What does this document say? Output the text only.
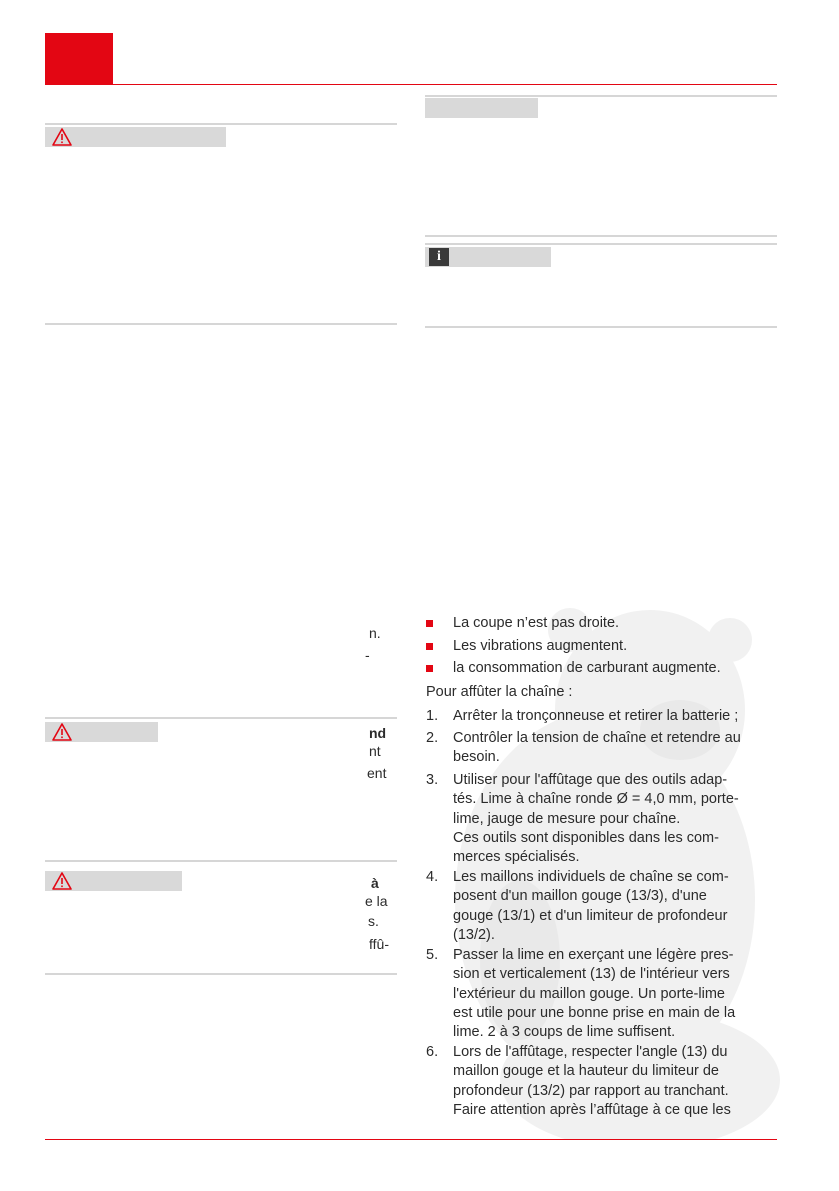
n.
-
nd
nt
ent
à
e la
s.
ffû-
i
La coupe n’est pas droite.
Les vibrations augmentent.
la consommation de carburant augmente.
Pour affûter la chaîne :
1. Arrêter la tronçonneuse et retirer la batterie ;
2. Contrôler la tension de chaîne et retendre au
besoin.
3. Utiliser pour l'affûtage que des outils adap-
tés. Lime à chaîne ronde Ø = 4,0 mm, porte-
lime, jauge de mesure pour chaîne.
Ces outils sont disponibles dans les com-
merces spécialisés.
4. Les maillons individuels de chaîne se com-
posent d'un maillon gouge (13/3), d'une
gouge (13/1) et d'un limiteur de profondeur
(13/2).
5. Passer la lime en exerçant une légère pres-
sion et verticalement (13) de l'intérieur vers
l'extérieur du maillon gouge. Un porte-lime
est utile pour une bonne prise en main de la
lime. 2 à 3 coups de lime suffisent.
6. Lors de l'affûtage, respecter l'angle (13) du
maillon gouge et la hauteur du limiteur de
profondeur (13/2) par rapport au tranchant.
Faire attention après l’affûtage à ce que les
